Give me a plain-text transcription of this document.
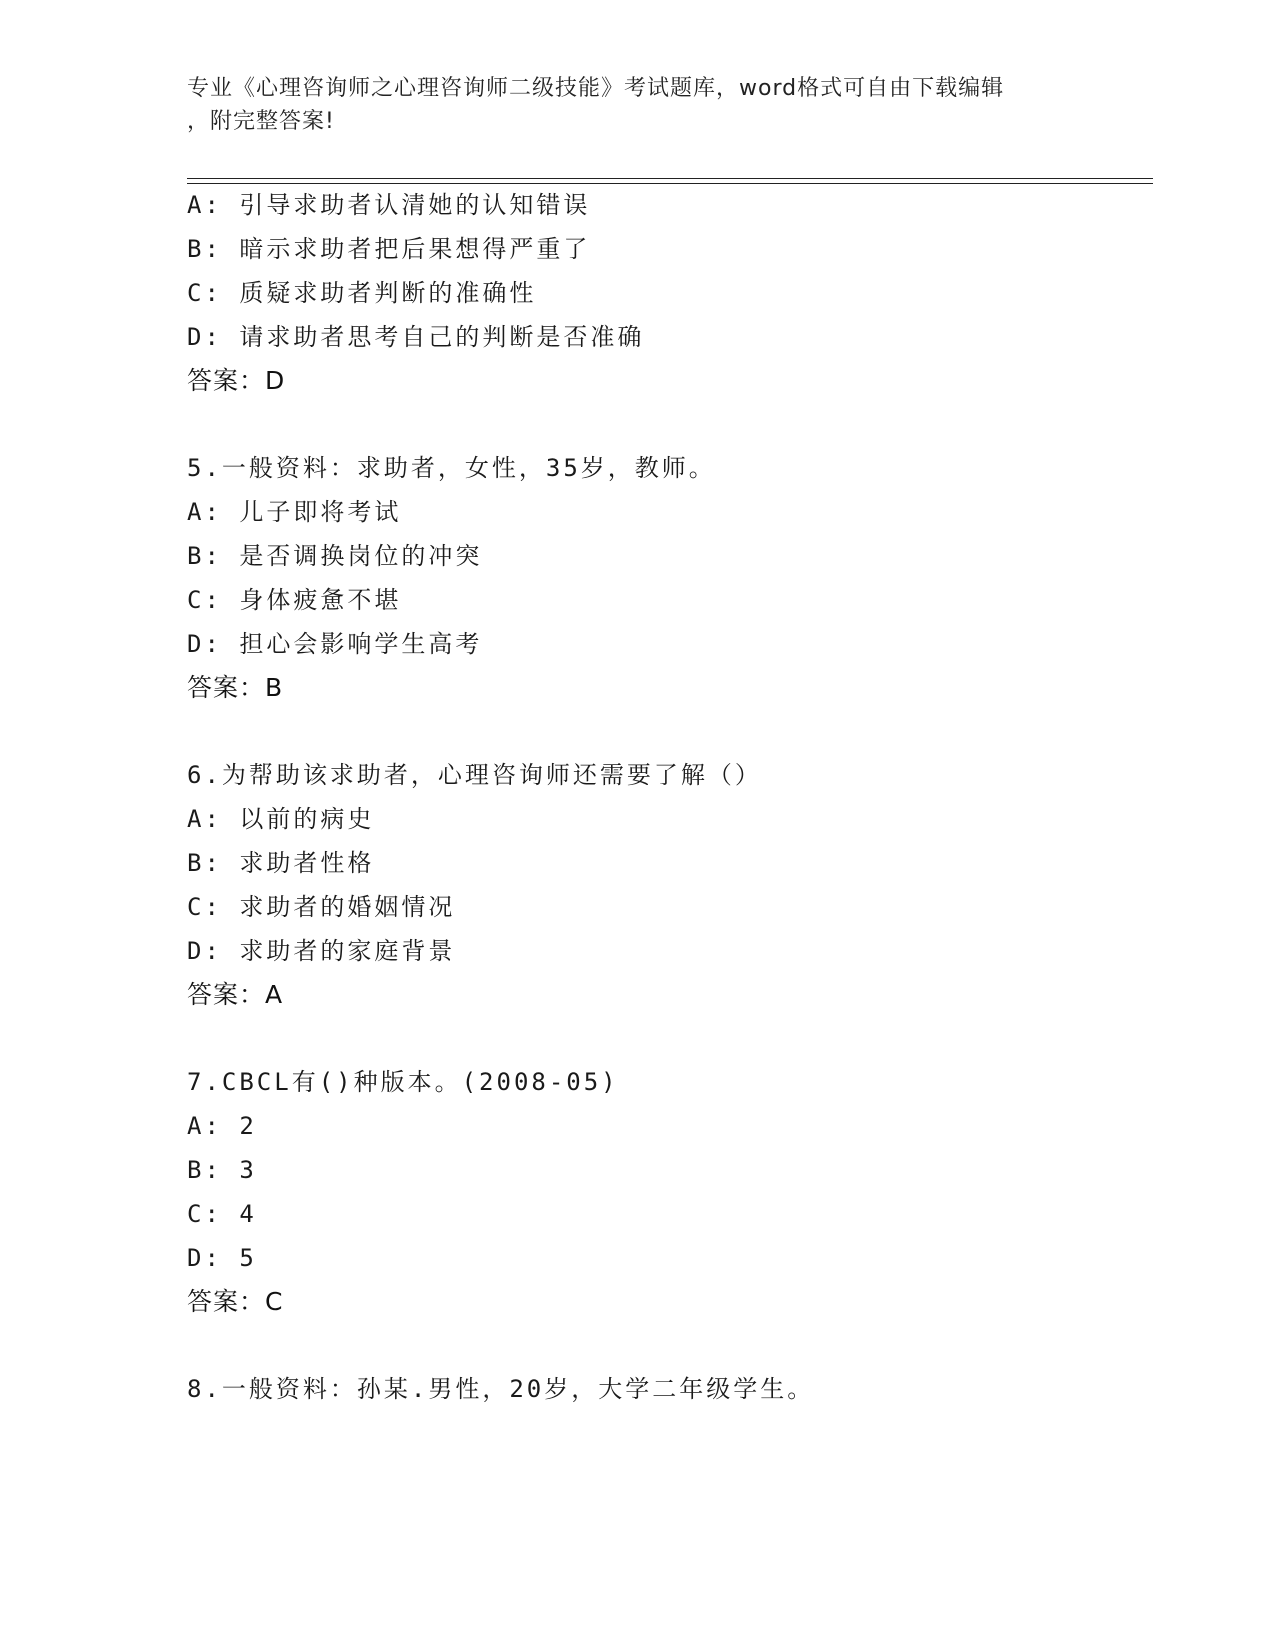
专业《心理咨询师之心理咨询师二级技能》考试题库，word格式可自由下载编辑
，附完整答案!
A: 引导求助者认清她的认知错误
B: 暗示求助者把后果想得严重了
C: 质疑求助者判断的准确性
D: 请求助者思考自己的判断是否准确
答案：D
5.一般资料：求助者，女性，35岁，教师。
A: 儿子即将考试
B: 是否调换岗位的冲突
C: 身体疲惫不堪
D: 担心会影响学生高考
答案：B
6.为帮助该求助者，心理咨询师还需要了解（）
A: 以前的病史
B: 求助者性格
C: 求助者的婚姻情况
D: 求助者的家庭背景
答案：A
7.CBCL有()种版本。(2008-05)
A: 2
B: 3
C: 4
D: 5
答案：C
8.一般资料：孙某.男性，20岁，大学二年级学生。
